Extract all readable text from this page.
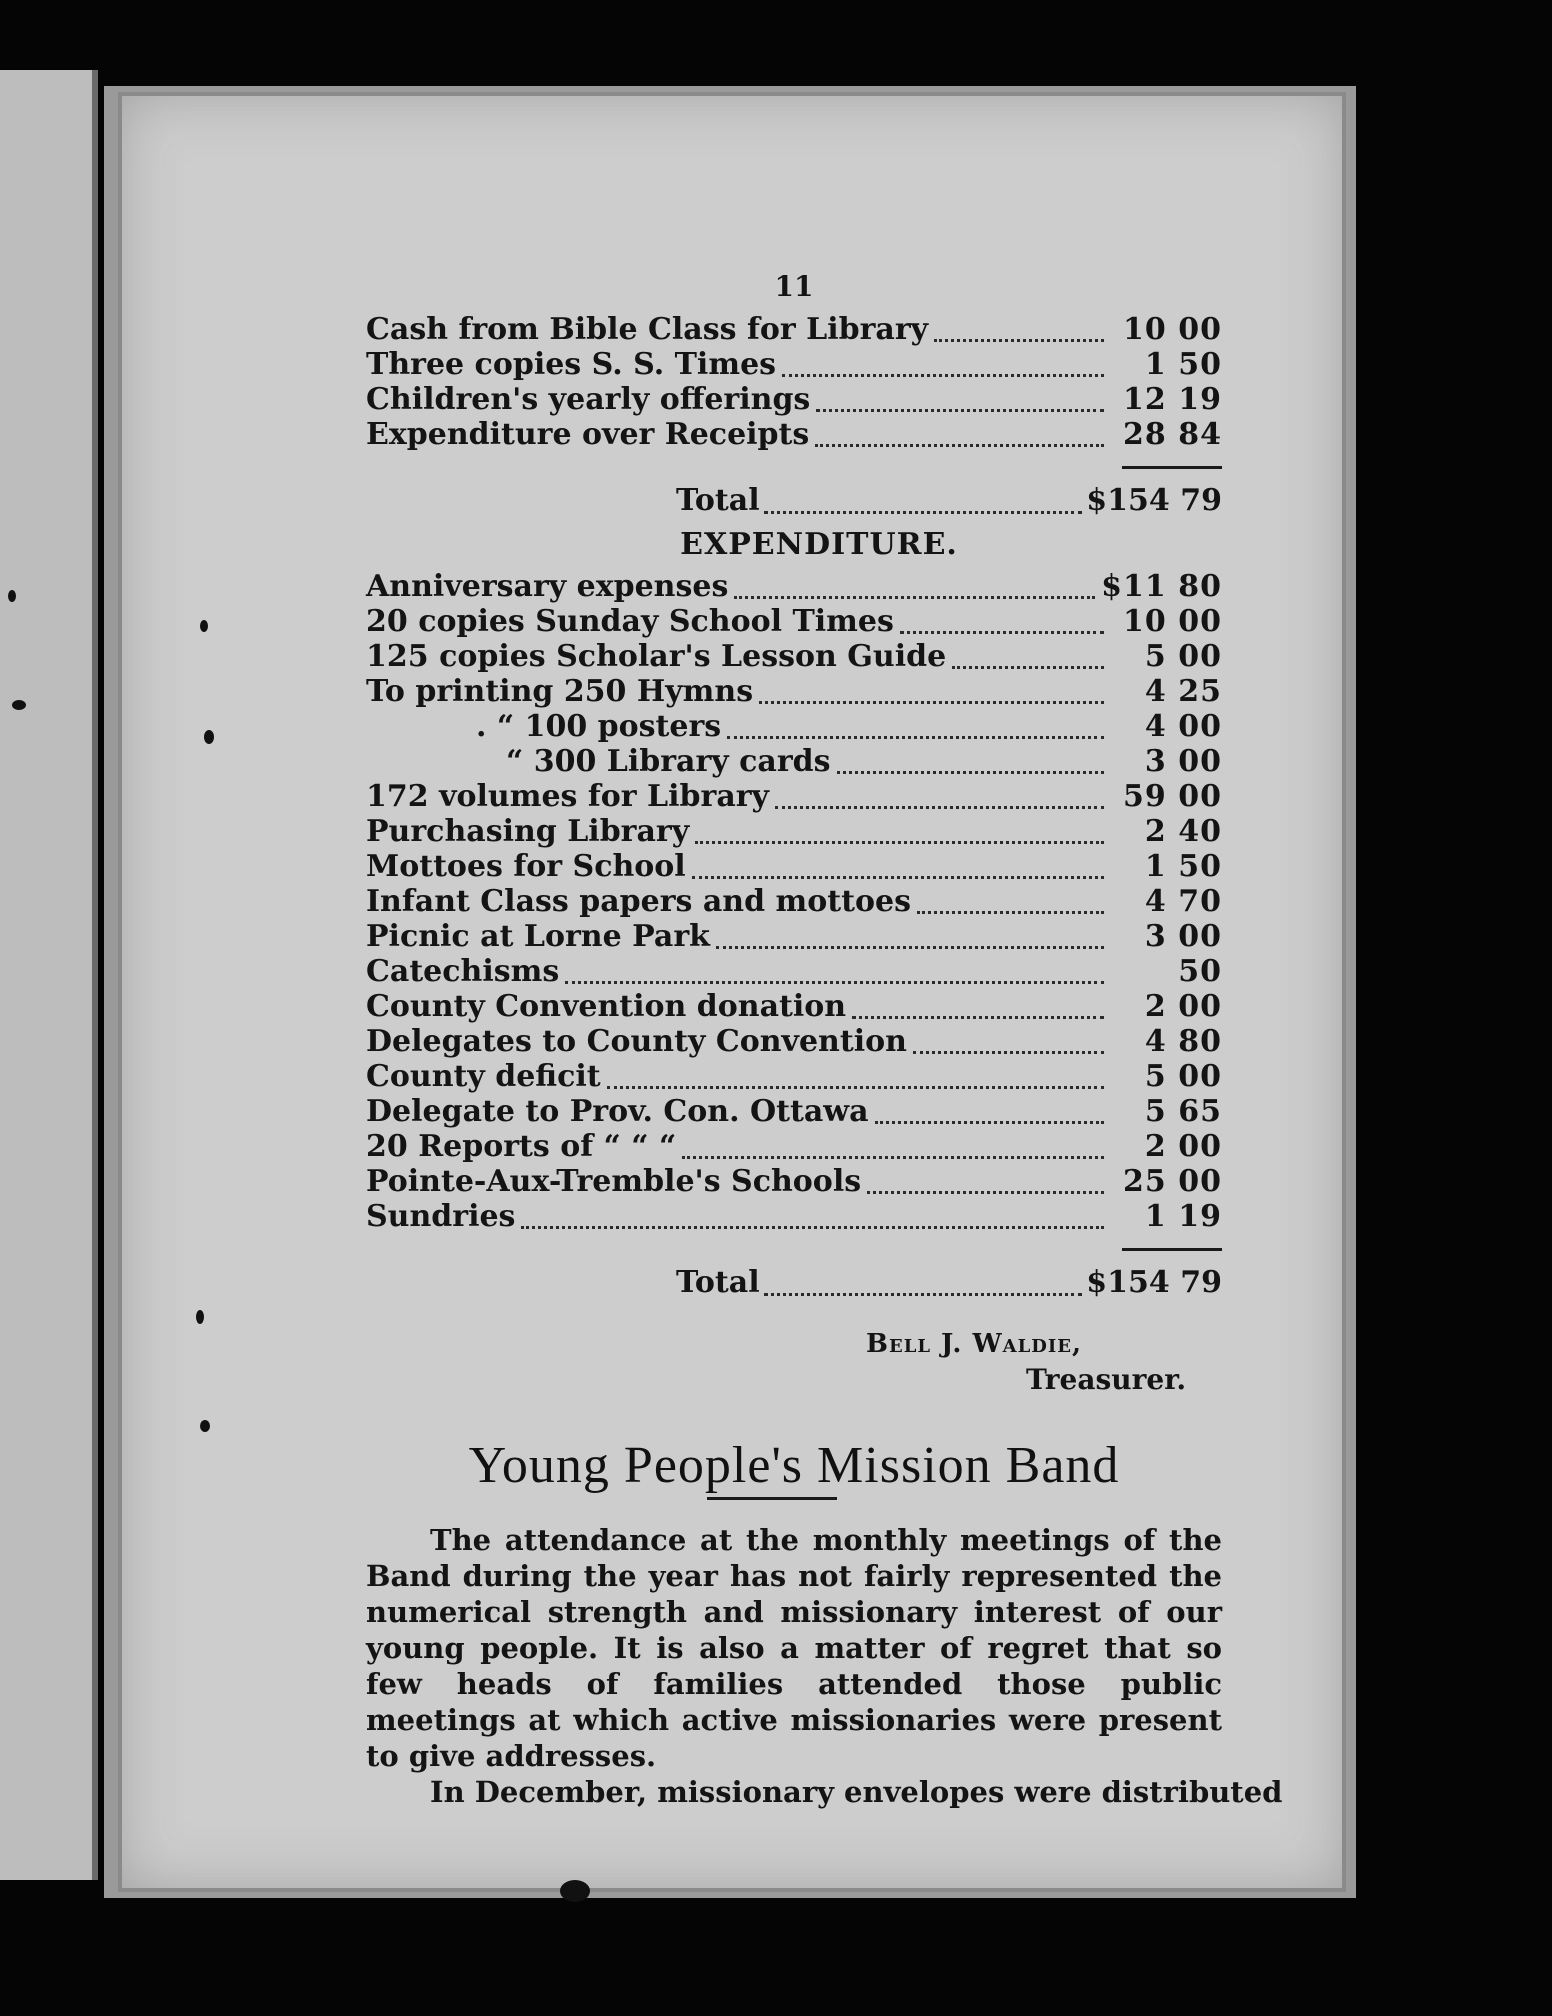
11
Cash from Bible Class for Library	10 00
Three copies S. S. Times	1 50
Children's yearly offerings	12 19
Expenditure over Receipts	28 84
Total	$154 79
EXPENDITURE.
Anniversary expenses	$11 80
20 copies Sunday School Times	10 00
125 copies Scholar's Lesson Guide	5 00
To printing 250 Hymns	4 25
. “ 100 posters	4 00
“ 300 Library cards	3 00
172 volumes for Library	59 00
Purchasing Library	2 40
Mottoes for School	1 50
Infant Class papers and mottoes	4 70
Picnic at Lorne Park	3 00
Catechisms	50
County Convention donation	2 00
Delegates to County Convention	4 80
County deficit	5 00
Delegate to Prov. Con. Ottawa	5 65
20 Reports of “ “ “	2 00
Pointe-Aux-Tremble's Schools	25 00
Sundries	1 19
Total	$154 79
Bell J. Waldie,
Treasurer.
Young People's Mission Band
The attendance at the monthly meetings of the Band during the year has not fairly represented the numerical strength and missionary interest of our young people. It is also a matter of regret that so few heads of families attended those public meetings at which active missionaries were present to give addresses.
In December, missionary envelopes were distributed
